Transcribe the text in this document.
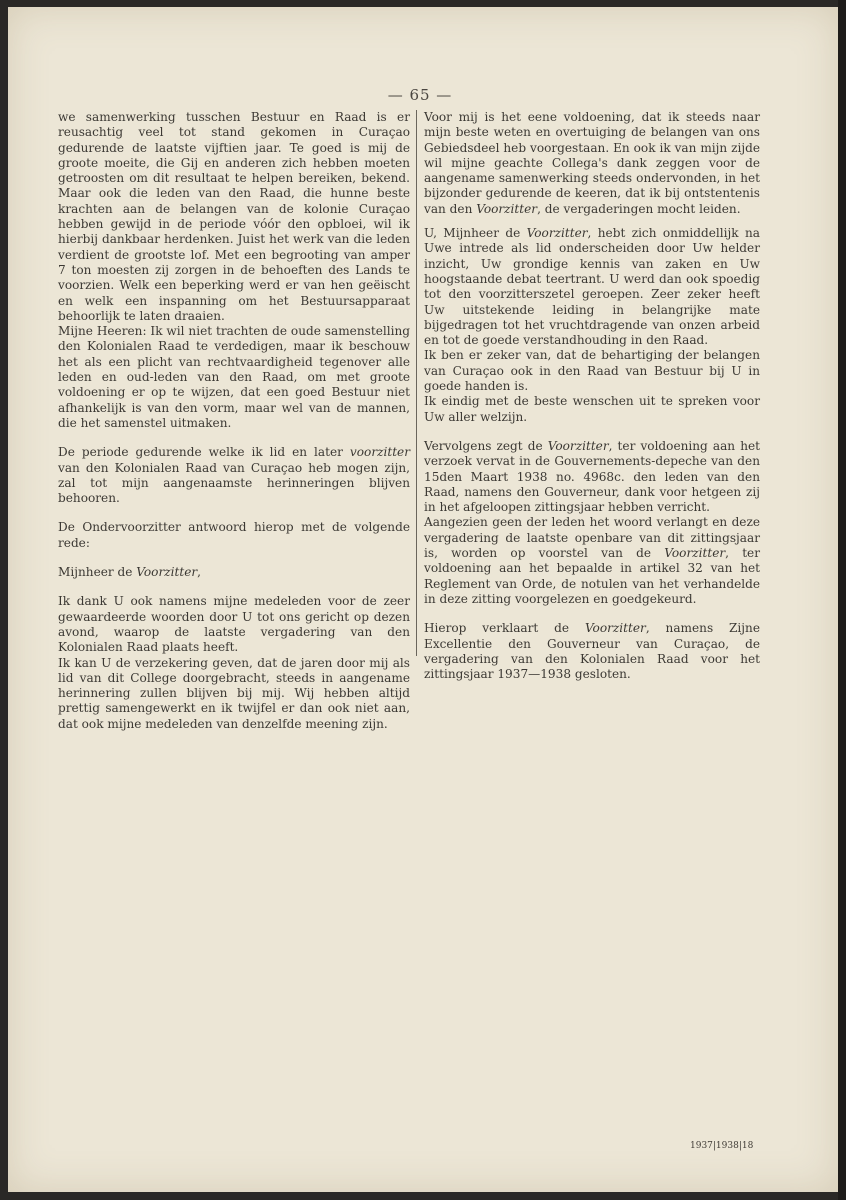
— 65 —

we samenwerking tusschen Bestuur en Raad is er reusachtig veel tot stand gekomen in Curaçao gedurende de laatste vijftien jaar. Te goed is mij de groote moeite, die Gij en anderen zich hebben moeten getroosten om dit resultaat te helpen bereiken, bekend. Maar ook die leden van den Raad, die hunne beste krachten aan de belangen van de kolonie Curaçao hebben gewijd in de periode vóór den opbloei, wil ik hierbij dankbaar herdenken. Juist het werk van die leden verdient de grootste lof. Met een begrooting van amper 7 ton moesten zij zorgen in de behoeften des Lands te voorzien. Welk een beperking werd er van hen geëischt en welk een inspanning om het Bestuursapparaat behoorlijk te laten draaien.

Mijne Heeren: Ik wil niet trachten de oude samenstelling den Kolonialen Raad te verdedigen, maar ik beschouw het als een plicht van rechtvaardigheid tegenover alle leden en oud-leden van den Raad, om met groote voldoening er op te wijzen, dat een goed Bestuur niet afhankelijk is van den vorm, maar wel van de mannen, die het samenstel uitmaken.

De periode gedurende welke ik lid en later voorzitter van den Kolonialen Raad van Curaçao heb mogen zijn, zal tot mijn aangenaamste herinneringen blijven behooren.

De Ondervoorzitter antwoord hierop met de volgende rede:

Mijnheer de Voorzitter,

Ik dank U ook namens mijne medeleden voor de zeer gewaardeerde woorden door U tot ons gericht op dezen avond, waarop de laatste vergadering van den Kolonialen Raad plaats heeft.

Ik kan U de verzekering geven, dat de jaren door mij als lid van dit College doorgebracht, steeds in aangename herinnering zullen blijven bij mij. Wij hebben altijd prettig samengewerkt en ik twijfel er dan ook niet aan, dat ook mijne medeleden van denzelfde meening zijn.

Voor mij is het eene voldoening, dat ik steeds naar mijn beste weten en overtuiging de belangen van ons Gebiedsdeel heb voorgestaan. En ook ik van mijn zijde wil mijne geachte Collega's dank zeggen voor de aangename samenwerking steeds ondervonden, in het bijzonder gedurende de keeren, dat ik bij ontstentenis van den Voorzitter, de vergaderingen mocht leiden.

U, Mijnheer de Voorzitter, hebt zich onmiddellijk na Uwe intrede als lid onderscheiden door Uw helder inzicht, Uw grondige kennis van zaken en Uw hoogstaande debat teertrant. U werd dan ook spoedig tot den voorzitterszetel geroepen. Zeer zeker heeft Uw uitstekende leiding in belangrijke mate bijgedragen tot het vruchtdragende van onzen arbeid en tot de goede verstandhouding in den Raad.

Ik ben er zeker van, dat de behartiging der belangen van Curaçao ook in den Raad van Bestuur bij U in goede handen is.

Ik eindig met de beste wenschen uit te spreken voor Uw aller welzijn.

Vervolgens zegt de Voorzitter, ter voldoening aan het verzoek vervat in de Gouvernements-depeche van den 15den Maart 1938 no. 4968c. den leden van den Raad, namens den Gouverneur, dank voor hetgeen zij in het afgeloopen zittingsjaar hebben verricht.

Aangezien geen der leden het woord verlangt en deze vergadering de laatste openbare van dit zittingsjaar is, worden op voorstel van de Voorzitter, ter voldoening aan het bepaalde in artikel 32 van het Reglement van Orde, de notulen van het verhandelde in deze zitting voorgelezen en goedgekeurd.

Hierop verklaart de Voorzitter, namens Zijne Excellentie den Gouverneur van Curaçao, de vergadering van den Kolonialen Raad voor het zittingsjaar 1937—1938 gesloten.

1937|1938|18
